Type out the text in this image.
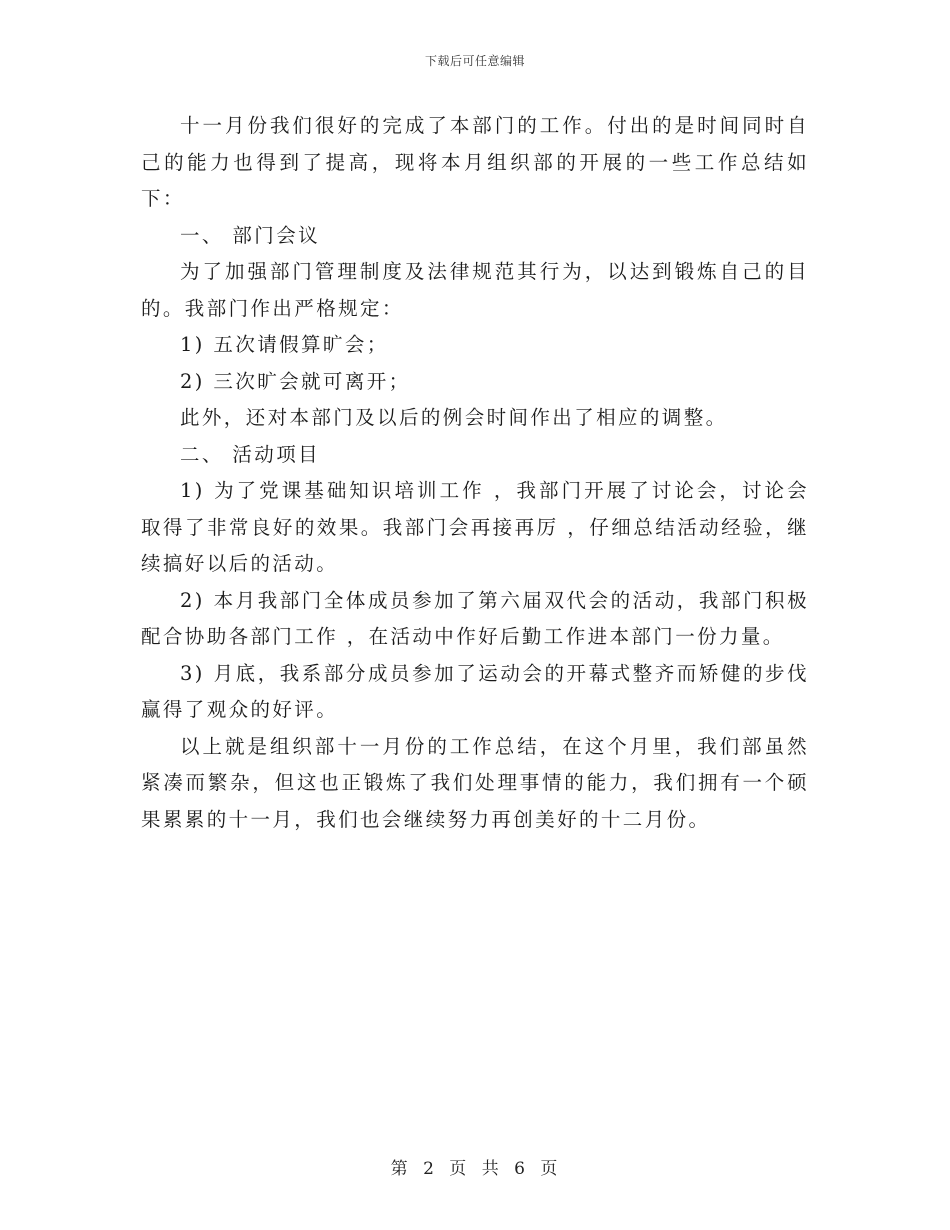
下载后可任意编辑

十一月份我们很好的完成了本部门的工作。付出的是时间同时自己的能力也得到了提高，现将本月组织部的开展的一些工作总结如下：

一、 部门会议

为了加强部门管理制度及法律规范其行为，以达到锻炼自己的目的。我部门作出严格规定：

1) 五次请假算旷会；

2) 三次旷会就可离开；

此外，还对本部门及以后的例会时间作出了相应的调整。

二、 活动项目

1) 为了党课基础知识培训工作 ，我部门开展了讨论会，讨论会取得了非常良好的效果。我部门会再接再厉 ，仔细总结活动经验，继续搞好以后的活动。

2) 本月我部门全体成员参加了第六届双代会的活动，我部门积极配合协助各部门工作 ，在活动中作好后勤工作进本部门一份力量。

3) 月底，我系部分成员参加了运动会的开幕式整齐而矫健的步伐赢得了观众的好评。

以上就是组织部十一月份的工作总结，在这个月里，我们部虽然紧凑而繁杂，但这也正锻炼了我们处理事情的能力，我们拥有一个硕果累累的十一月，我们也会继续努力再创美好的十二月份。

第 2 页 共 6 页
